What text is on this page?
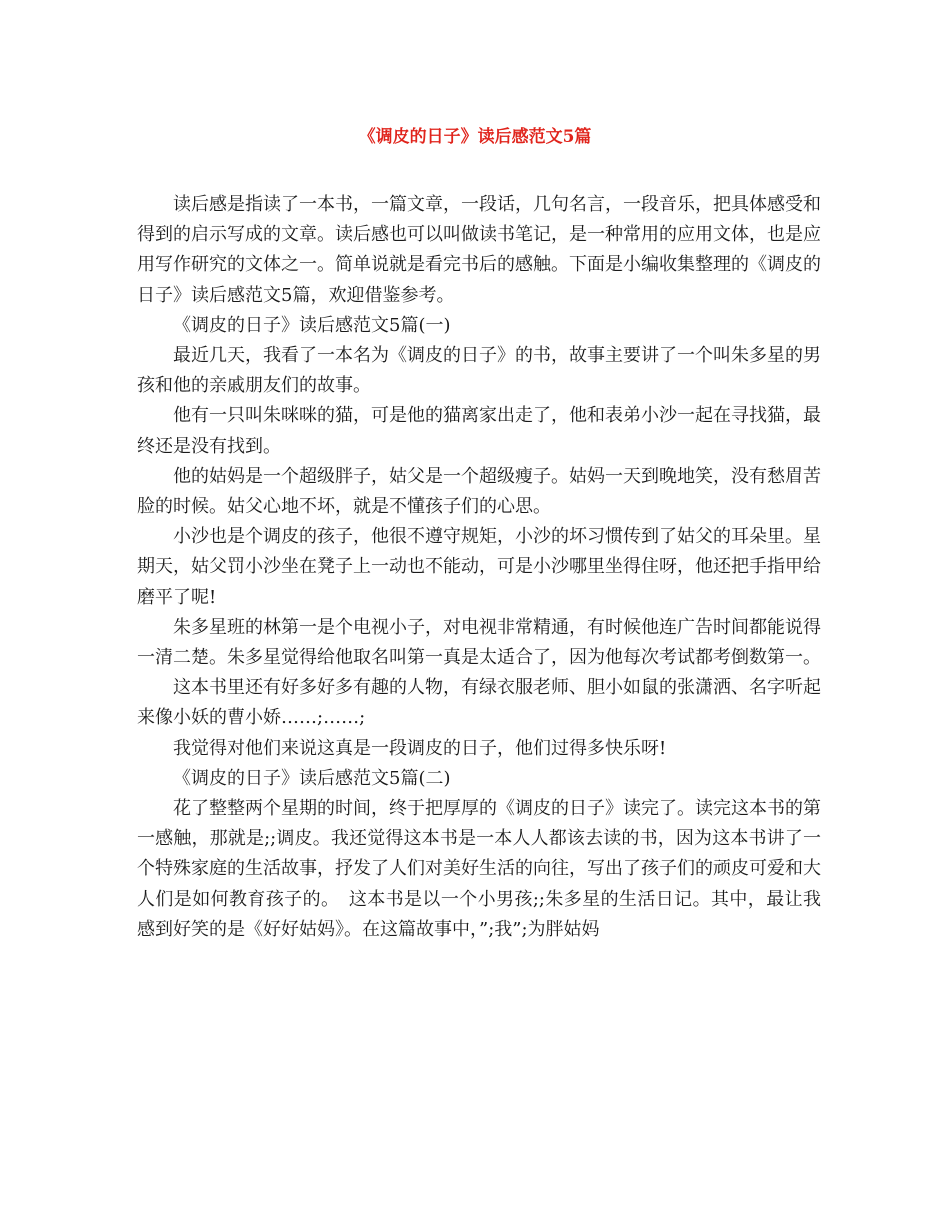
《调皮的日子》读后感范文5篇

读后感是指读了一本书，一篇文章，一段话，几句名言，一段音乐，把具体感受和得到的启示写成的文章。读后感也可以叫做读书笔记，是一种常用的应用文体，也是应用写作研究的文体之一。简单说就是看完书后的感触。下面是小编收集整理的《调皮的日子》读后感范文5篇，欢迎借鉴参考。

《调皮的日子》读后感范文5篇(一)

最近几天，我看了一本名为《调皮的日子》的书，故事主要讲了一个叫朱多星的男孩和他的亲戚朋友们的故事。

他有一只叫朱咪咪的猫，可是他的猫离家出走了，他和表弟小沙一起在寻找猫，最终还是没有找到。

他的姑妈是一个超级胖子，姑父是一个超级瘦子。姑妈一天到晚地笑，没有愁眉苦脸的时候。姑父心地不坏，就是不懂孩子们的心思。

小沙也是个调皮的孩子，他很不遵守规矩，小沙的坏习惯传到了姑父的耳朵里。星期天，姑父罚小沙坐在凳子上一动也不能动，可是小沙哪里坐得住呀，他还把手指甲给磨平了呢!

朱多星班的林第一是个电视小子，对电视非常精通，有时候他连广告时间都能说得一清二楚。朱多星觉得给他取名叫第一真是太适合了，因为他每次考试都考倒数第一。

这本书里还有好多好多有趣的人物，有绿衣服老师、胆小如鼠的张潇洒、名字听起来像小妖的曹小娇……;……;

我觉得对他们来说这真是一段调皮的日子，他们过得多快乐呀!

《调皮的日子》读后感范文5篇(二)

花了整整两个星期的时间，终于把厚厚的《调皮的日子》读完了。读完这本书的第一感触，那就是;;调皮。我还觉得这本书是一本人人都该去读的书，因为这本书讲了一个特殊家庭的生活故事，抒发了人们对美好生活的向往，写出了孩子们的顽皮可爱和大人们是如何教育孩子的。　这本书是以一个小男孩;;朱多星的生活日记。其中，最让我感到好笑的是《好好姑妈》。在这篇故事中，”;我”;为胖姑妈
